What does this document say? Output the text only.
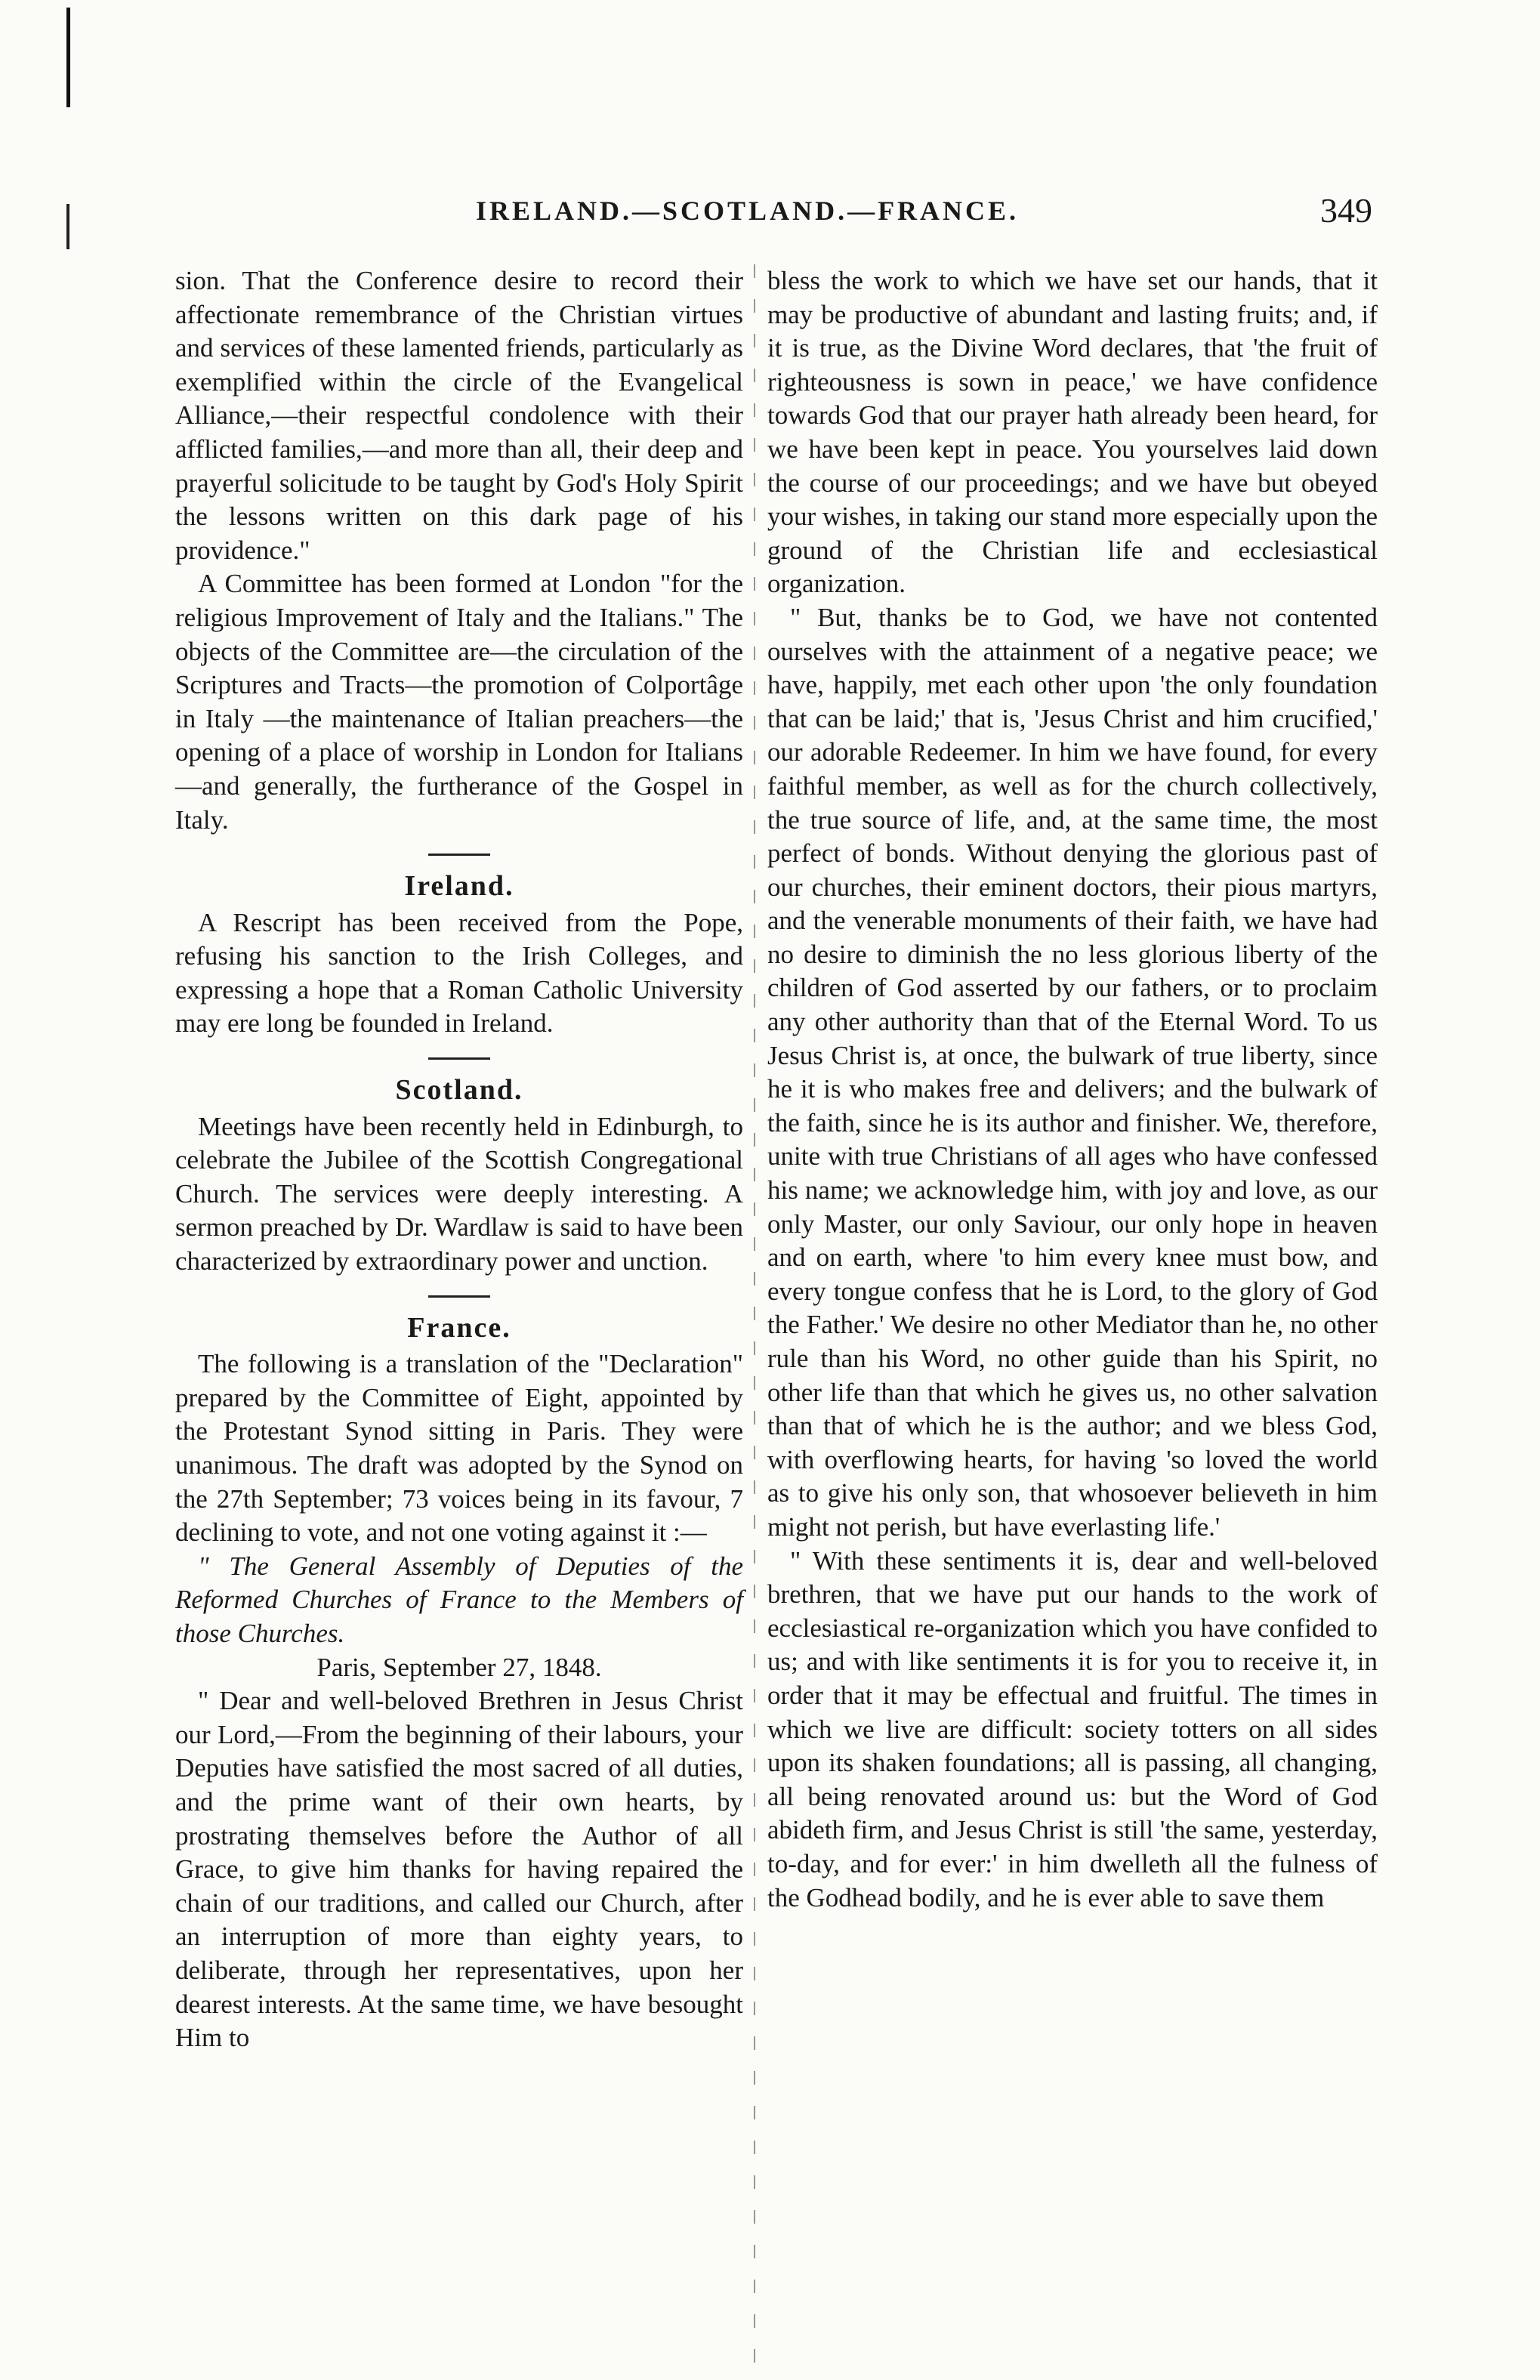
IRELAND.—SCOTLAND.—FRANCE.	349

sion. That the Conference desire to record their affectionate remembrance of the Christian virtues and services of these lamented friends, particularly as exemplified within the circle of the Evangelical Alliance,—their respectful condolence with their afflicted families,—and more than all, their deep and prayerful solicitude to be taught by God's Holy Spirit the lessons written on this dark page of his providence."

A Committee has been formed at London "for the religious Improvement of Italy and the Italians." The objects of the Committee are—the circulation of the Scriptures and Tracts—the promotion of Colportâge in Italy —the maintenance of Italian preachers—the opening of a place of worship in London for Italians—and generally, the furtherance of the Gospel in Italy.

Ireland.

A Rescript has been received from the Pope, refusing his sanction to the Irish Colleges, and expressing a hope that a Roman Catholic University may ere long be founded in Ireland.

Scotland.

Meetings have been recently held in Edinburgh, to celebrate the Jubilee of the Scottish Congregational Church. The services were deeply interesting. A sermon preached by Dr. Wardlaw is said to have been characterized by extraordinary power and unction.

France.

The following is a translation of the "Declaration" prepared by the Committee of Eight, appointed by the Protestant Synod sitting in Paris. They were unanimous. The draft was adopted by the Synod on the 27th September; 73 voices being in its favour, 7 declining to vote, and not one voting against it :—

" The General Assembly of Deputies of the Reformed Churches of France to the Members of those Churches.

Paris, September 27, 1848.

" Dear and well-beloved Brethren in Jesus Christ our Lord,—From the beginning of their labours, your Deputies have satisfied the most sacred of all duties, and the prime want of their own hearts, by prostrating themselves before the Author of all Grace, to give him thanks for having repaired the chain of our traditions, and called our Church, after an interruption of more than eighty years, to deliberate, through her representatives, upon her dearest interests. At the same time, we have besought Him to

bless the work to which we have set our hands, that it may be productive of abundant and lasting fruits; and, if it is true, as the Divine Word declares, that 'the fruit of righteousness is sown in peace,' we have confidence towards God that our prayer hath already been heard, for we have been kept in peace. You yourselves laid down the course of our proceedings; and we have but obeyed your wishes, in taking our stand more especially upon the ground of the Christian life and ecclesiastical organization.

" But, thanks be to God, we have not contented ourselves with the attainment of a negative peace; we have, happily, met each other upon 'the only foundation that can be laid;' that is, 'Jesus Christ and him crucified,' our adorable Redeemer. In him we have found, for every faithful member, as well as for the church collectively, the true source of life, and, at the same time, the most perfect of bonds. Without denying the glorious past of our churches, their eminent doctors, their pious martyrs, and the venerable monuments of their faith, we have had no desire to diminish the no less glorious liberty of the children of God asserted by our fathers, or to proclaim any other authority than that of the Eternal Word. To us Jesus Christ is, at once, the bulwark of true liberty, since he it is who makes free and delivers; and the bulwark of the faith, since he is its author and finisher. We, therefore, unite with true Christians of all ages who have confessed his name; we acknowledge him, with joy and love, as our only Master, our only Saviour, our only hope in heaven and on earth, where 'to him every knee must bow, and every tongue confess that he is Lord, to the glory of God the Father.' We desire no other Mediator than he, no other rule than his Word, no other guide than his Spirit, no other life than that which he gives us, no other salvation than that of which he is the author; and we bless God, with overflowing hearts, for having 'so loved the world as to give his only son, that whosoever believeth in him might not perish, but have everlasting life.'

" With these sentiments it is, dear and well-beloved brethren, that we have put our hands to the work of ecclesiastical re-organization which you have confided to us; and with like sentiments it is for you to receive it, in order that it may be effectual and fruitful. The times in which we live are difficult: society totters on all sides upon its shaken foundations; all is passing, all changing, all being renovated around us: but the Word of God abideth firm, and Jesus Christ is still 'the same, yesterday, to-day, and for ever:' in him dwelleth all the fulness of the Godhead bodily, and he is ever able to save them
